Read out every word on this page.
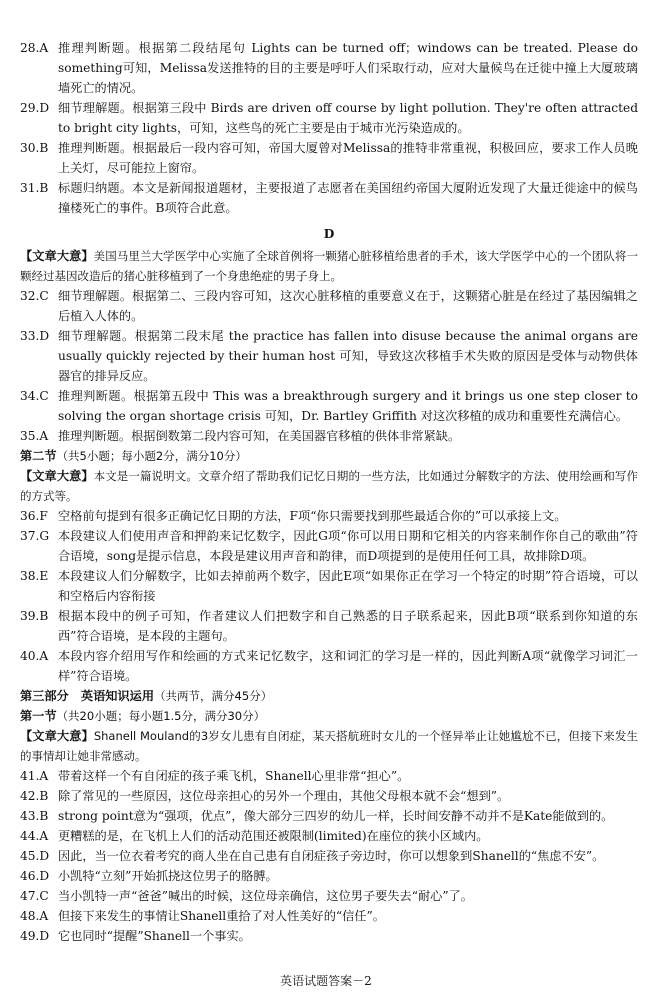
28.A 推理判断题。根据第二段结尾句 Lights can be turned off；windows can be treated. Please do something可知，Melissa发送推特的目的主要是呼吁人们采取行动，应对大量候鸟在迁徙中撞上大厦玻璃墙死亡的情况。
29.D 细节理解题。根据第三段中 Birds are driven off course by light pollution. They're often attracted to bright city lights，可知，这些鸟的死亡主要是由于城市光污染造成的。
30.B 推理判断题。根据最后一段内容可知，帝国大厦曾对Melissa的推特非常重视，积极回应，要求工作人员晚上关灯，尽可能拉上窗帘。
31.B 标题归纳题。本文是新闻报道题材，主要报道了志愿者在美国纽约帝国大厦附近发现了大量迁徙途中的候鸟撞楼死亡的事件。B项符合此意。
D
【文章大意】美国马里兰大学医学中心实施了全球首例将一颗猪心脏移植给患者的手术，该大学医学中心的一个团队将一颗经过基因改造后的猪心脏移植到了一个身患绝症的男子身上。
32.C 细节理解题。根据第二、三段内容可知，这次心脏移植的重要意义在于，这颗猪心脏是在经过了基因编辑之后植入人体的。
33.D 细节理解题。根据第二段末尾 the practice has fallen into disuse because the animal organs are usually quickly rejected by their human host 可知，导致这次移植手术失败的原因是受体与动物供体器官的排异反应。
34.C 推理判断题。根据第五段中 This was a breakthrough surgery and it brings us one step closer to solving the organ shortage crisis 可知，Dr. Bartley Griffith 对这次移植的成功和重要性充满信心。
35.A 推理判断题。根据倒数第二段内容可知，在美国器官移植的供体非常紧缺。
第二节（共5小题；每小题2分，满分10分）
【文章大意】本文是一篇说明文。文章介绍了帮助我们记忆日期的一些方法，比如通过分解数字的方法、使用绘画和写作的方式等。
36.F 空格前句提到有很多正确记忆日期的方法，F项“你只需要找到那些最适合你的”可以承接上文。
37.G 本段建议人们使用声音和押韵来记忆数字，因此G项“你可以用日期和它相关的内容来制作你自己的歌曲”符合语境，song是提示信息，本段是建议用声音和韵律，而D项提到的是使用任何工具，故排除D项。
38.E 本段建议人们分解数字，比如去掉前两个数字，因此E项“如果你正在学习一个特定的时期”符合语境，可以和空格后内容衔接
39.B 根据本段中的例子可知，作者建议人们把数字和自己熟悉的日子联系起来，因此B项“联系到你知道的东西”符合语境，是本段的主题句。
40.A 本段内容介绍用写作和绘画的方式来记忆数字，这和词汇的学习是一样的，因此判断A项“就像学习词汇一样”符合语境。
第三部分　英语知识运用（共两节，满分45分）
第一节（共20小题；每小题1.5分，满分30分）
【文章大意】Shanell Mouland的3岁女儿患有自闭症，某天搭航班时女儿的一个怪异举止让她尴尬不已，但接下来发生的事情却让她非常感动。
41.A 带着这样一个有自闭症的孩子乘飞机，Shanell心里非常“担心”。
42.B 除了常见的一些原因，这位母亲担心的另外一个理由，其他父母根本就不会“想到”。
43.B strong point意为“强项，优点”，像大部分三四岁的幼儿一样，长时间安静不动并不是Kate能做到的。
44.A 更糟糕的是，在飞机上人们的活动范围还被限制(limited)在座位的狭小区域内。
45.D 因此，当一位衣着考究的商人坐在自己患有自闭症孩子旁边时，你可以想象到Shanell的“焦虑不安”。
46.D 小凯特“立刻”开始抓挠这位男子的胳膊。
47.C 当小凯特一声“爸爸”喊出的时候，这位母亲确信，这位男子要失去“耐心”了。
48.A 但接下来发生的事情让Shanell重拾了对人性美好的“信任”。
49.D 它也同时“提醒”Shanell一个事实。
英语试题答案－2
